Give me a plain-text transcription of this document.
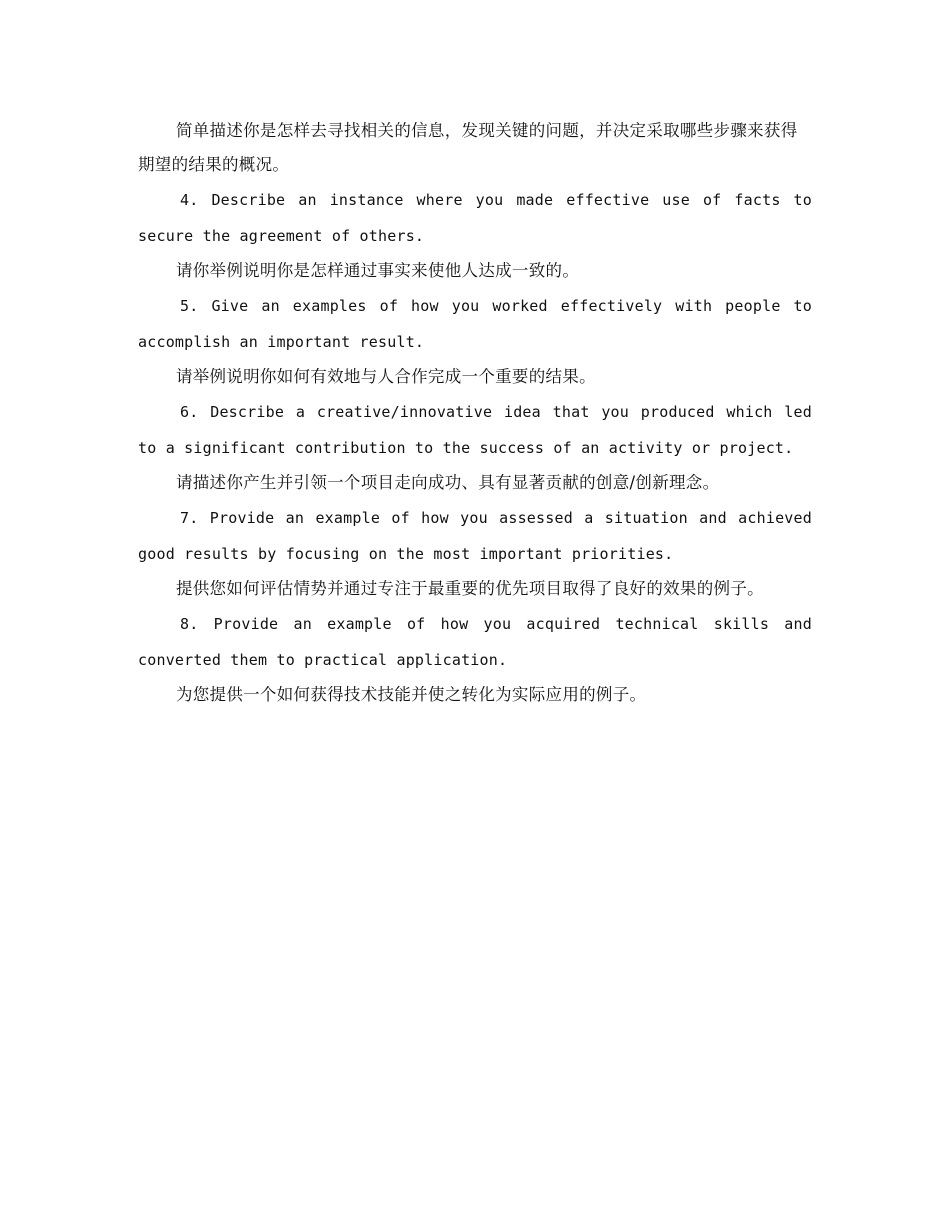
简单描述你是怎样去寻找相关的信息，发现关键的问题，并决定采取哪些步骤来获得期望的结果的概况。

4. Describe an instance where you made effective use of facts to secure the agreement of others.

请你举例说明你是怎样通过事实来使他人达成一致的。

5. Give an examples of how you worked effectively with people to accomplish an important result.

请举例说明你如何有效地与人合作完成一个重要的结果。

6. Describe a creative/innovative idea that you produced which led to a significant contribution to the success of an activity or project.

请描述你产生并引领一个项目走向成功、具有显著贡献的创意/创新理念。

7. Provide an example of how you assessed a situation and achieved good results by focusing on the most important priorities.

提供您如何评估情势并通过专注于最重要的优先项目取得了良好的效果的例子。

8. Provide an example of how you acquired technical skills and converted them to practical application.

为您提供一个如何获得技术技能并使之转化为实际应用的例子。
